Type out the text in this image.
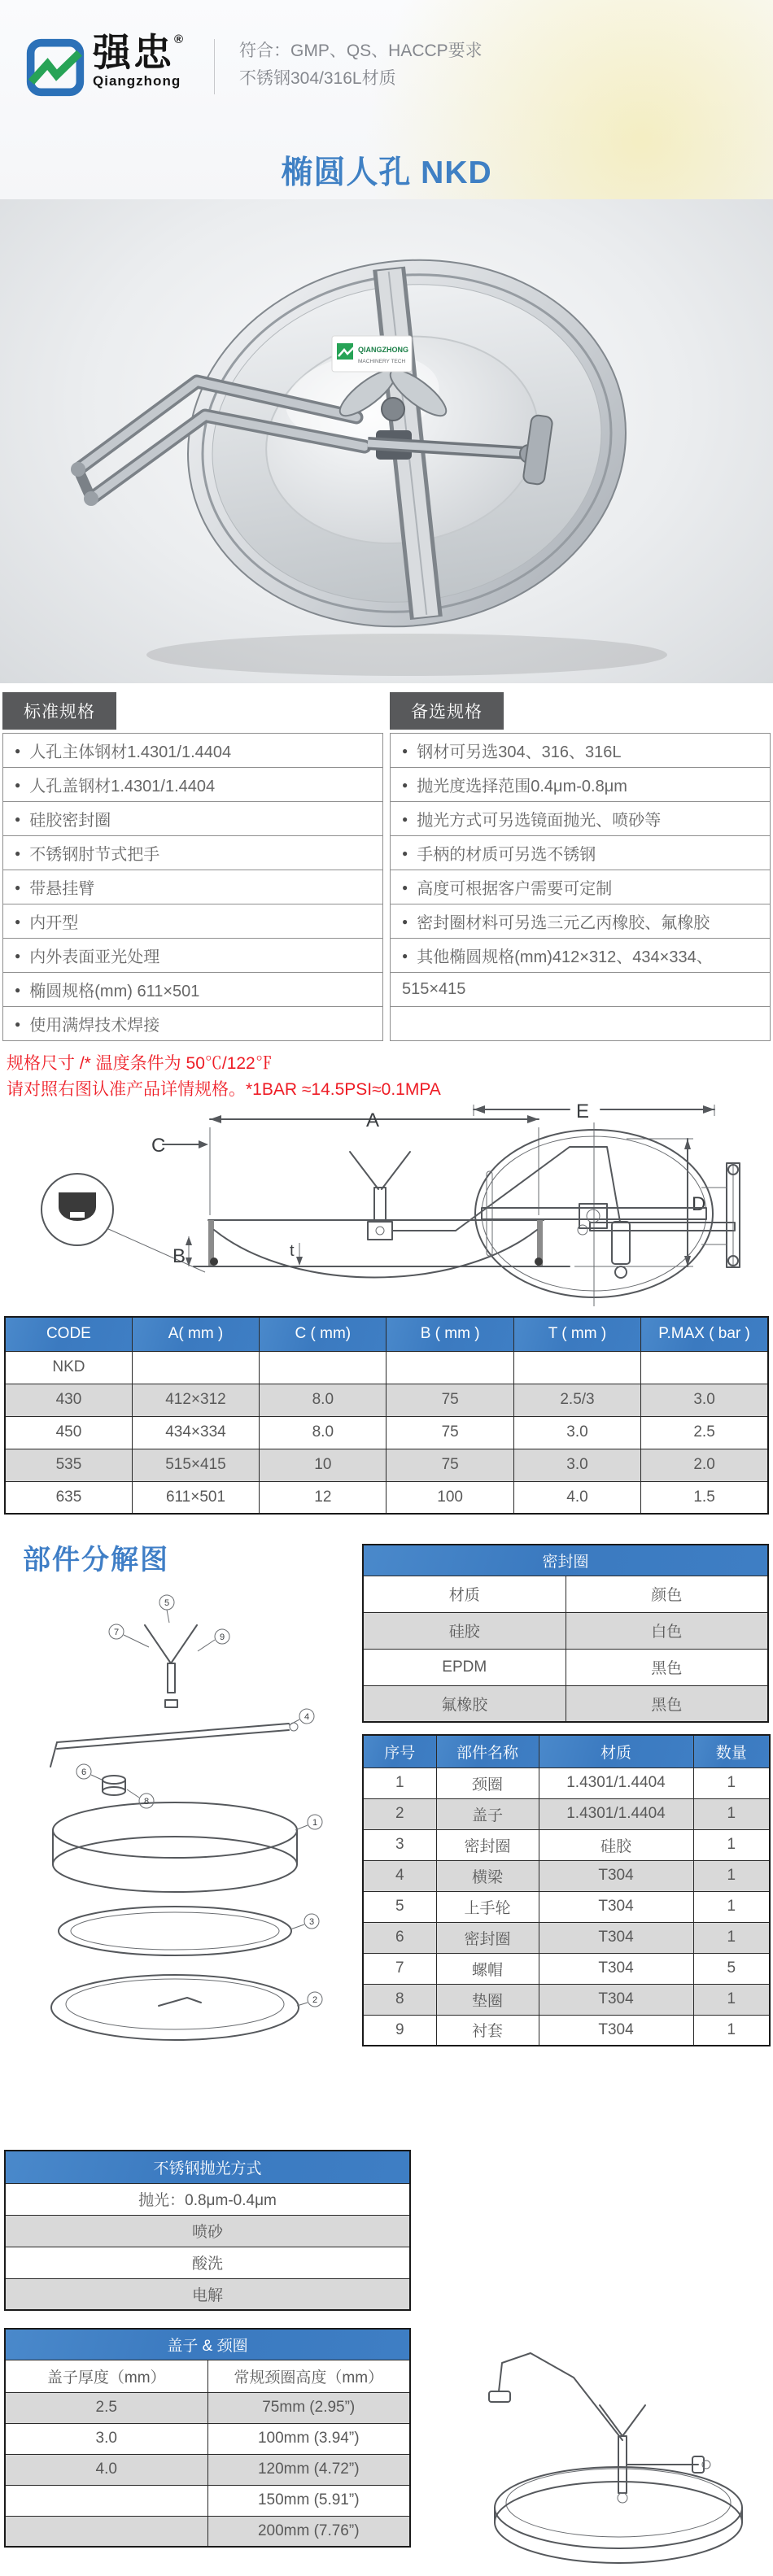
强忠®
Qiangzhong
符合：GMP、QS、HACCP要求
不锈钢304/316L材质
椭圆人孔 NKD
QIANGZHONG
MACHINERY TECH
标准规格
● 人孔主体钢材1.4301/1.4404
● 人孔盖钢材1.4301/1.4404
● 硅胶密封圈
● 不锈钢肘节式把手
● 带悬挂臂
● 内开型
● 内外表面亚光处理
● 椭圆规格(mm) 611×501
● 使用满焊技术焊接
备选规格
● 钢材可另选304、316、316L
● 抛光度选择范围0.4μm-0.8μm
● 抛光方式可另选镜面抛光、喷砂等
● 手柄的材质可另选不锈钢
● 高度可根据客户需要可定制
● 密封圈材料可另选三元乙丙橡胶、氟橡胶
● 其他椭圆规格(mm)412×312、434×334、
515×415
规格尺寸 /* 温度条件为 50℃/122℉
请对照右图认准产品详情规格。*1BAR ≈14.5PSI≈0.1MPA
A
C
B	t
D
E
CODE	A( mm )	C ( mm)	B ( mm )	T ( mm )	P.MAX ( bar )
NKD					
430	412×312	8.0	75	2.5/3	3.0
450	434×334	8.0	75	3.0	2.5
535	515×415	10	75	3.0	2.0
635	611×501	12	100	4.0	1.5
部件分解图
5
7	9
4
6
8
1
3
2
密封圈	
材质	颜色
硅胶	白色
EPDM	黑色
氟橡胶	黑色
序号	部件名称	材质	数量
1	颈圈	1.4301/1.4404	1
2	盖子	1.4301/1.4404	1
3	密封圈	硅胶	1
4	横梁	T304	1
5	上手轮	T304	1
6	密封圈	T304	1
7	螺帽	T304	5
8	垫圈	T304	1
9	衬套	T304	1
不锈钢抛光方式
抛光：0.8μm-0.4μm
喷砂
酸洗
电解
盖子 & 颈圈	
盖子厚度（mm）	常规颈圈高度（mm）
2.5	75mm (2.95”)
3.0	100mm (3.94”)
4.0	120mm (4.72”)
	150mm (5.91”)
	200mm (7.76”)
